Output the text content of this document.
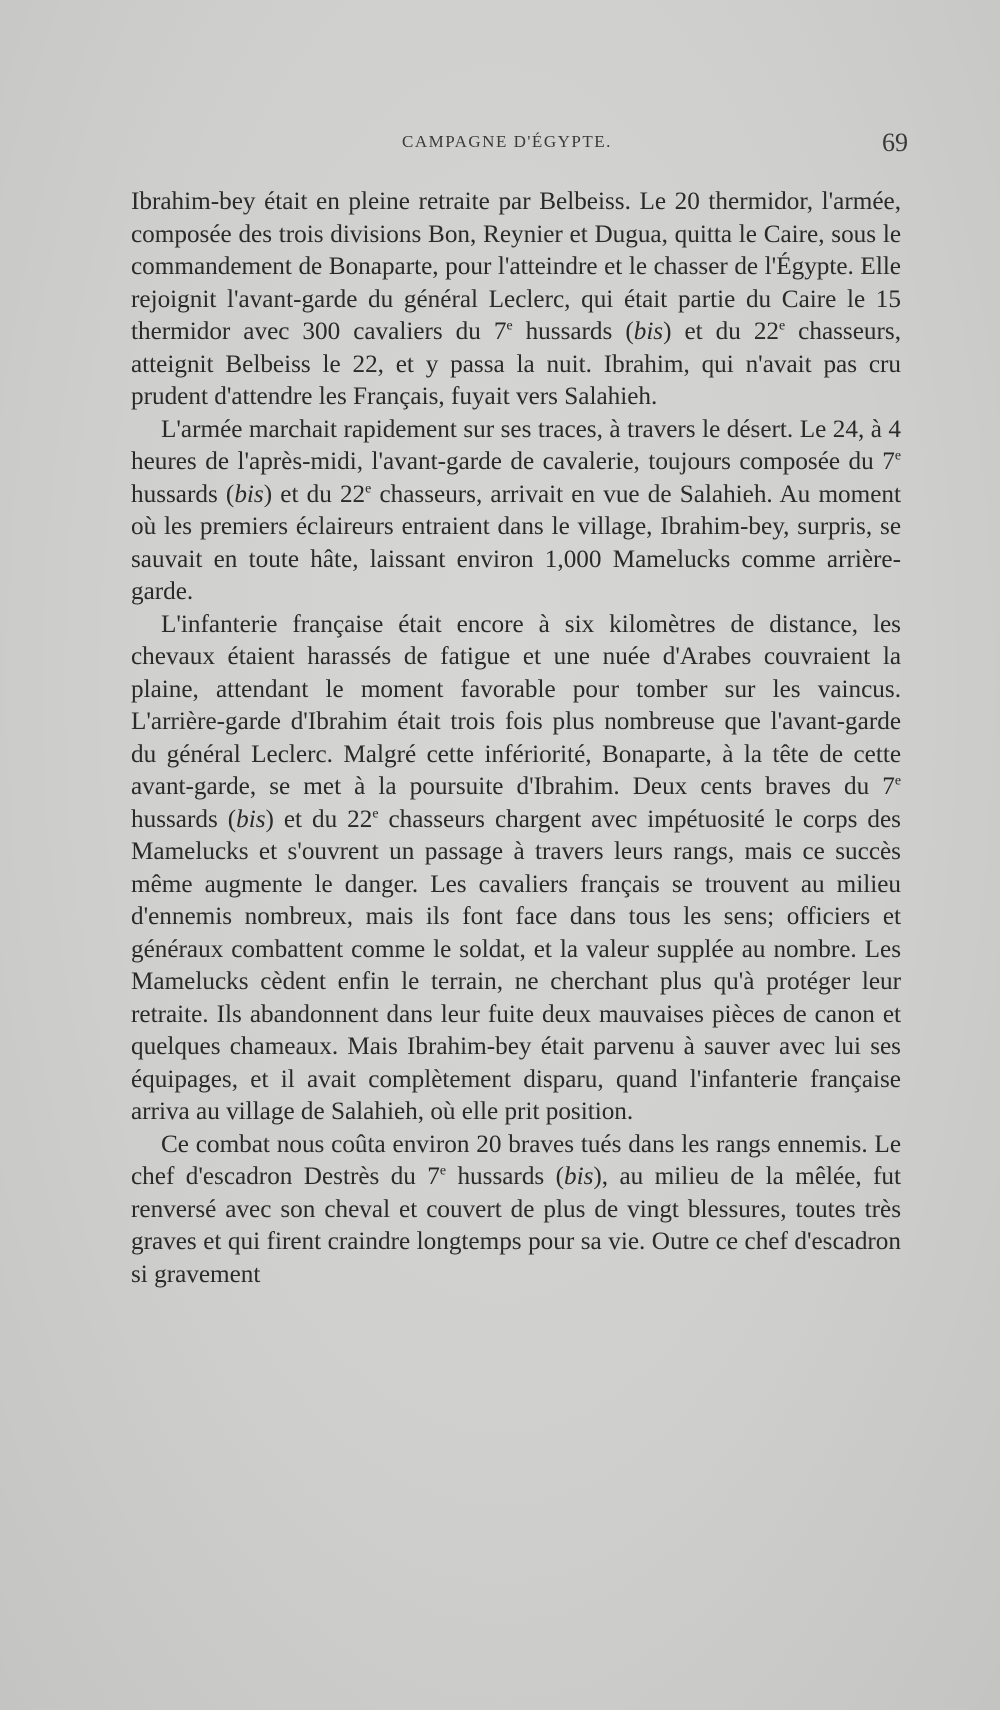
CAMPAGNE D'ÉGYPTE.	69

Ibrahim-bey était en pleine retraite par Belbeiss. Le 20 thermidor, l'armée, composée des trois divisions Bon, Reynier et Dugua, quitta le Caire, sous le commandement de Bonaparte, pour l'atteindre et le chasser de l'Égypte. Elle rejoignit l'avant-garde du général Leclerc, qui était partie du Caire le 15 thermidor avec 300 cavaliers du 7e hussards (bis) et du 22e chasseurs, atteignit Belbeiss le 22, et y passa la nuit. Ibrahim, qui n'avait pas cru prudent d'attendre les Français, fuyait vers Salahieh.

L'armée marchait rapidement sur ses traces, à travers le désert. Le 24, à 4 heures de l'après-midi, l'avant-garde de cavalerie, toujours composée du 7e hussards (bis) et du 22e chasseurs, arrivait en vue de Salahieh. Au moment où les premiers éclaireurs entraient dans le village, Ibrahim-bey, surpris, se sauvait en toute hâte, laissant environ 1,000 Mamelucks comme arrière-garde.

L'infanterie française était encore à six kilomètres de distance, les chevaux étaient harassés de fatigue et une nuée d'Arabes couvraient la plaine, attendant le moment favorable pour tomber sur les vaincus. L'arrière-garde d'Ibrahim était trois fois plus nombreuse que l'avant-garde du général Leclerc. Malgré cette infériorité, Bonaparte, à la tête de cette avant-garde, se met à la poursuite d'Ibrahim. Deux cents braves du 7e hussards (bis) et du 22e chasseurs chargent avec impétuosité le corps des Mamelucks et s'ouvrent un passage à travers leurs rangs, mais ce succès même augmente le danger. Les cavaliers français se trouvent au milieu d'ennemis nombreux, mais ils font face dans tous les sens; officiers et généraux combattent comme le soldat, et la valeur supplée au nombre. Les Mamelucks cèdent enfin le terrain, ne cherchant plus qu'à protéger leur retraite. Ils abandonnent dans leur fuite deux mauvaises pièces de canon et quelques chameaux. Mais Ibrahim-bey était parvenu à sauver avec lui ses équipages, et il avait complètement disparu, quand l'infanterie française arriva au village de Salahieh, où elle prit position.

Ce combat nous coûta environ 20 braves tués dans les rangs ennemis. Le chef d'escadron Destrès du 7e hussards (bis), au milieu de la mêlée, fut renversé avec son cheval et couvert de plus de vingt blessures, toutes très graves et qui firent craindre longtemps pour sa vie. Outre ce chef d'escadron si gravement
